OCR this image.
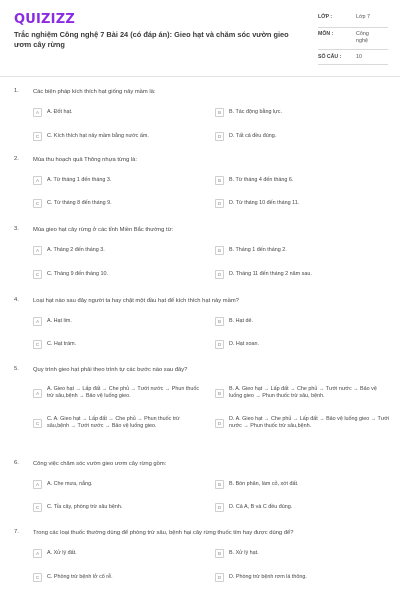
QUIZIZZ
Trắc nghiệm Công nghệ 7 Bài 24 (có đáp án): Gieo hạt và chăm sóc vườn gieo ươm cây rừng
LỚP :	Lớp 7
MÔN :	Công nghệ
SỐ CÂU :	10
1. Các biện pháp kích thích hạt giống nảy mầm là:
A	A. Đốt hạt.	B	B. Tác động bằng lực.
C	C. Kích thích hạt nảy mầm bằng nước ấm.	D	D. Tất cả đều đúng.
2. Mùa thu hoạch quả Thông nhựa từng là:
A	A. Từ tháng 1 đến tháng 3.	B	B. Từ tháng 4 đến tháng 6.
C	C. Từ tháng 8 đến tháng 9.	D	D. Từ tháng 10 đến tháng 11.
3. Mùa gieo hạt cây rừng ở các tỉnh Miền Bắc thường từ:
A	A. Tháng 2 đến tháng 3.	B	B. Tháng 1 đến tháng 2.
C	C. Tháng 9 đến tháng 10.	D	D. Tháng 11 đến tháng 2 năm sau.
4. Loại hạt nào sau đây người ta hay chặt một đầu hạt để kích thích hạt nảy mầm?
A	A. Hạt lim.	B	B. Hạt dẻ.
C	C. Hạt trám.	D	D. Hạt xoan.
5. Quy trình gieo hạt phải theo trình tự các bước nào sau đây?
A
A. Gieo hạt → Lấp đất → Che phủ → Tưới nước → Phun thuốc trừ sâu,bệnh → Bảo vệ luống gieo.	B
B. A. Gieo hạt → Lấp đất → Che phủ → Tưới nước → Bảo vệ luống gieo → Phun thuốc trừ sâu, bệnh.
C
C. A. Gieo hạt → Lấp đất → Che phủ → Phun thuốc trừ sâu,bệnh → Tưới nước → Bảo vệ luống gieo.	D
D. A. Gieo hạt → Che phủ → Lấp đất → Bảo vệ luống gieo → Tưới nước → Phun thuốc trừ sâu,bệnh.
6. Công việc chăm sóc vườn gieo ươm cây rừng gồm:
A	A. Che mưa, nắng.	B	B. Bón phân, làm cỏ, xới đất.
C	C. Tỉa cây, phòng trừ sâu bệnh.	D	D. Cả A, B và C đều đúng.
7. Trong các loại thuốc thường dùng để phòng trừ sâu, bệnh hại cây rừng thuốc tím hay được dùng để?
A	A. Xử lý đất.	B	B. Xử lý hạt.
C	C. Phòng trừ bệnh lở cổ rễ.	D	D. Phòng trừ bệnh rơm lá thông.
